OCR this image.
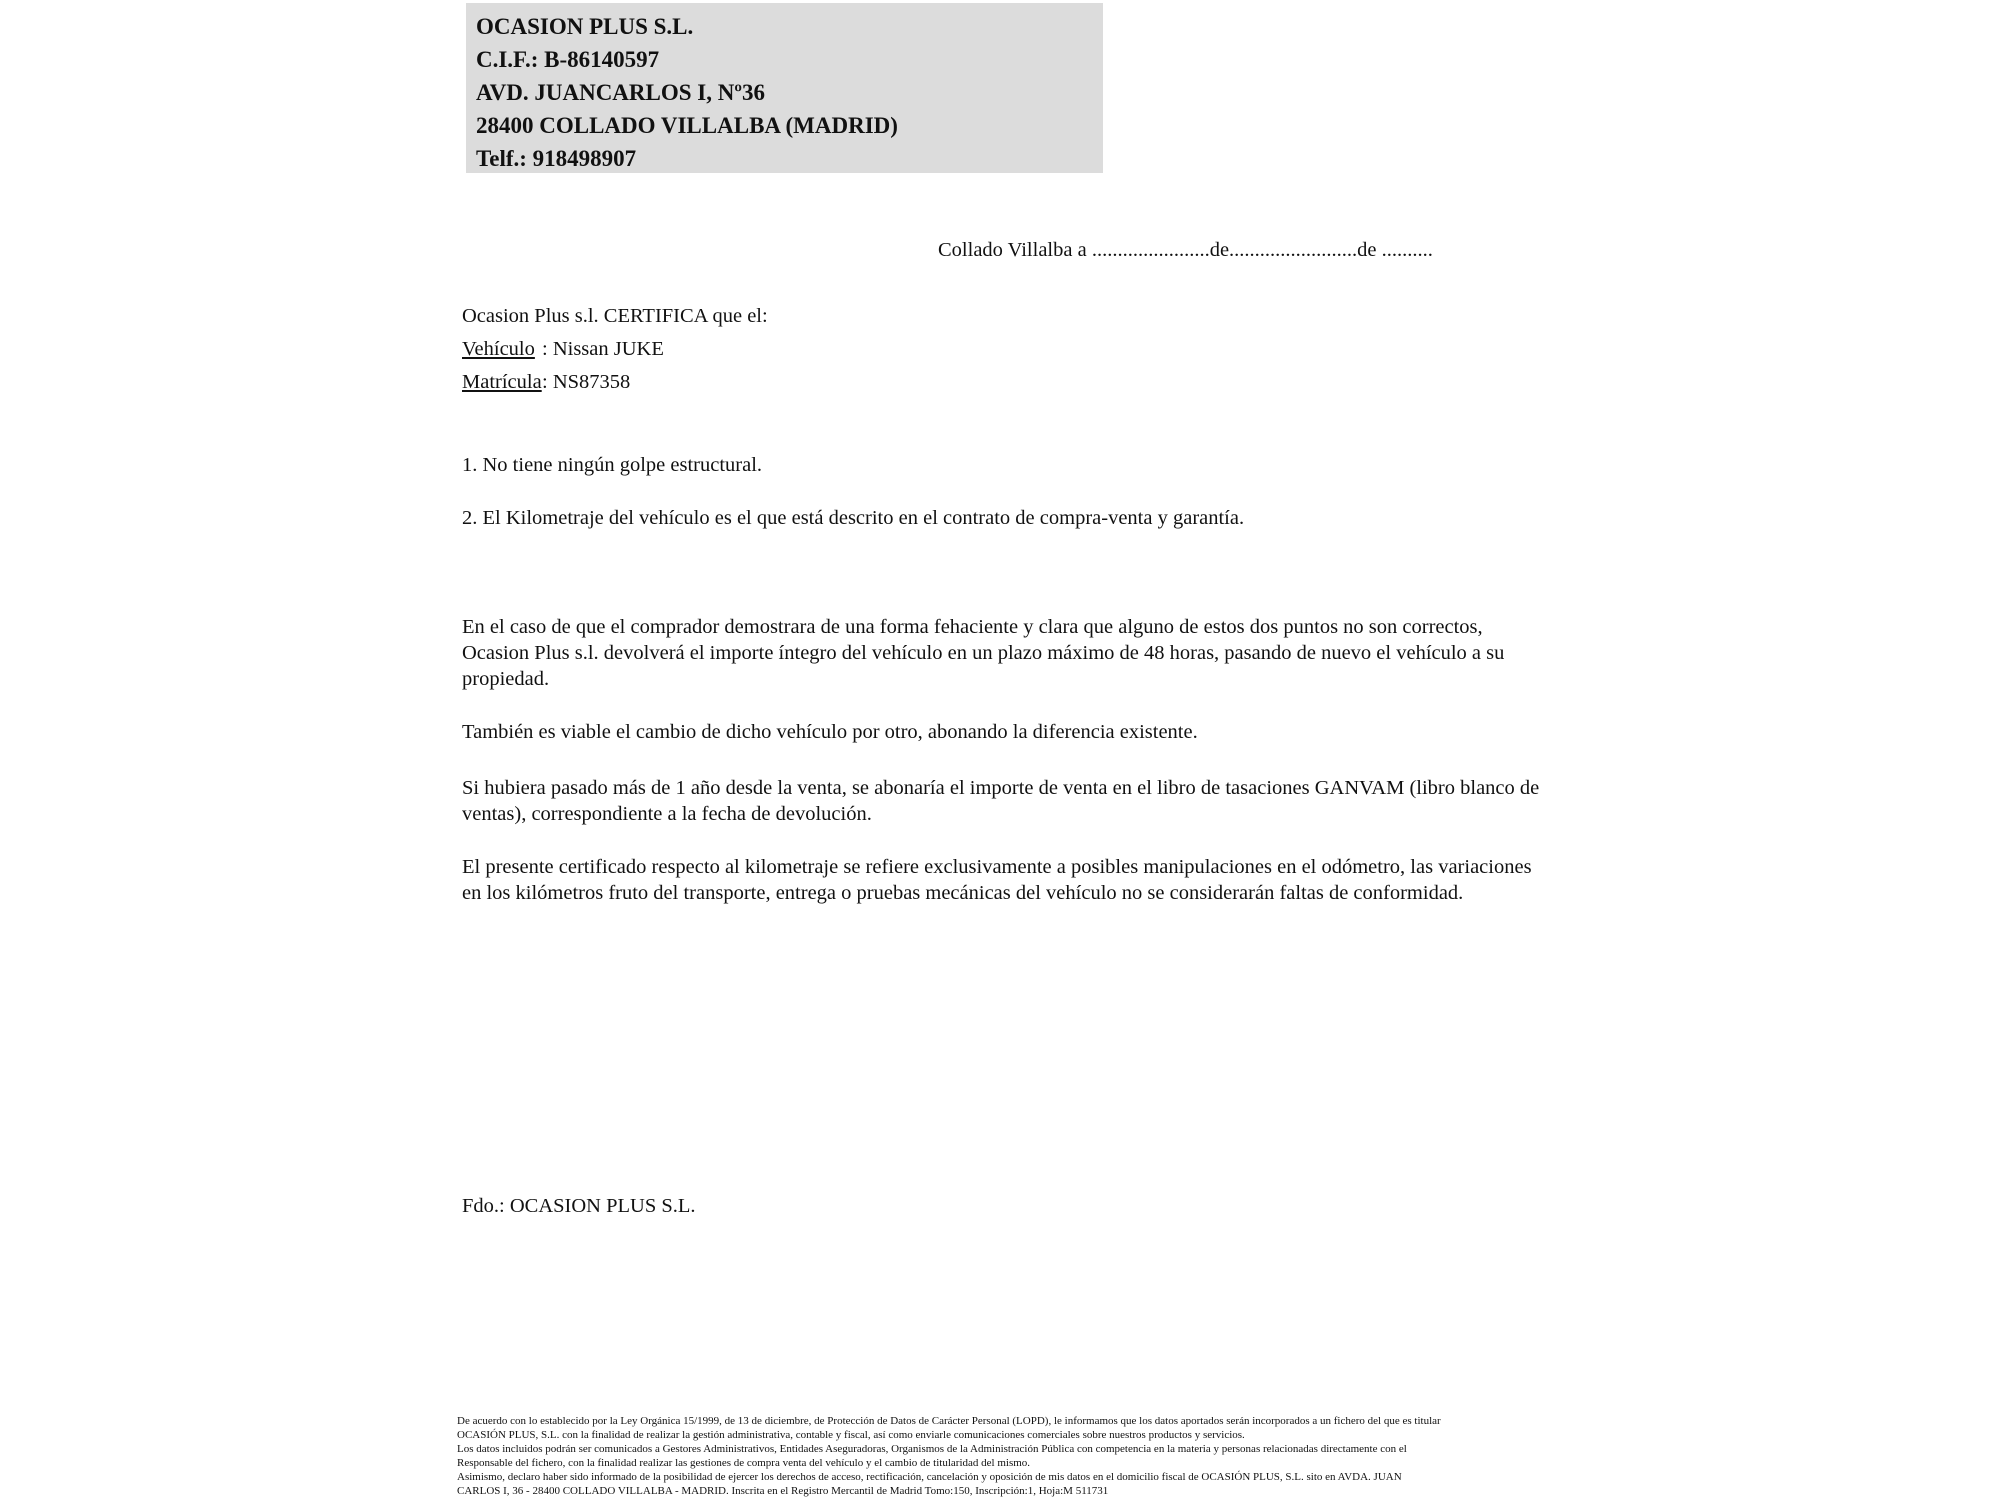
OCASION PLUS S.L.
C.I.F.: B-86140597
AVD. JUANCARLOS I, Nº36
28400 COLLADO VILLALBA (MADRID)
Telf.: 918498907
Collado Villalba a .......................de.........................de ..........
Ocasion Plus s.l. CERTIFICA que el:
Vehículo : Nissan JUKE
Matrícula: NS87358
1. No tiene ningún golpe estructural.
2. El Kilometraje del vehículo es el que está descrito en el contrato de compra-venta y garantía.
En el caso de que el comprador demostrara de una forma fehaciente y clara que alguno de estos dos puntos no son correctos, Ocasion Plus s.l. devolverá el importe íntegro del vehículo en un plazo máximo de 48 horas, pasando de nuevo el vehículo a su propiedad.
También es viable el cambio de dicho vehículo por otro, abonando la diferencia existente.
Si hubiera pasado más de 1 año desde la venta, se abonaría el importe de venta en el libro de tasaciones GANVAM (libro blanco de ventas), correspondiente a la fecha de devolución.
El presente certificado respecto al kilometraje se refiere exclusivamente a posibles manipulaciones en el odómetro, las variaciones en los kilómetros fruto del transporte, entrega o pruebas mecánicas del vehículo no se considerarán faltas de conformidad.
Fdo.: OCASION PLUS S.L.
De acuerdo con lo establecido por la Ley Orgánica 15/1999, de 13 de diciembre, de Protección de Datos de Carácter Personal (LOPD), le informamos que los datos aportados serán incorporados a un fichero del que es titular
OCASIÓN PLUS, S.L. con la finalidad de realizar la gestión administrativa, contable y fiscal, así como enviarle comunicaciones comerciales sobre nuestros productos y servicios.
Los datos incluidos podrán ser comunicados a Gestores Administrativos, Entidades Aseguradoras, Organismos de la Administración Pública con competencia en la materia y personas relacionadas directamente con el
Responsable del fichero, con la finalidad realizar las gestiones de compra venta del vehículo y el cambio de titularidad del mismo.
Asimismo, declaro haber sido informado de la posibilidad de ejercer los derechos de acceso, rectificación, cancelación y oposición de mis datos en el domicilio fiscal de OCASIÓN PLUS, S.L. sito en AVDA. JUAN
CARLOS I, 36 - 28400 COLLADO VILLALBA - MADRID. Inscrita en el Registro Mercantil de Madrid Tomo:150, Inscripción:1, Hoja:M 511731
